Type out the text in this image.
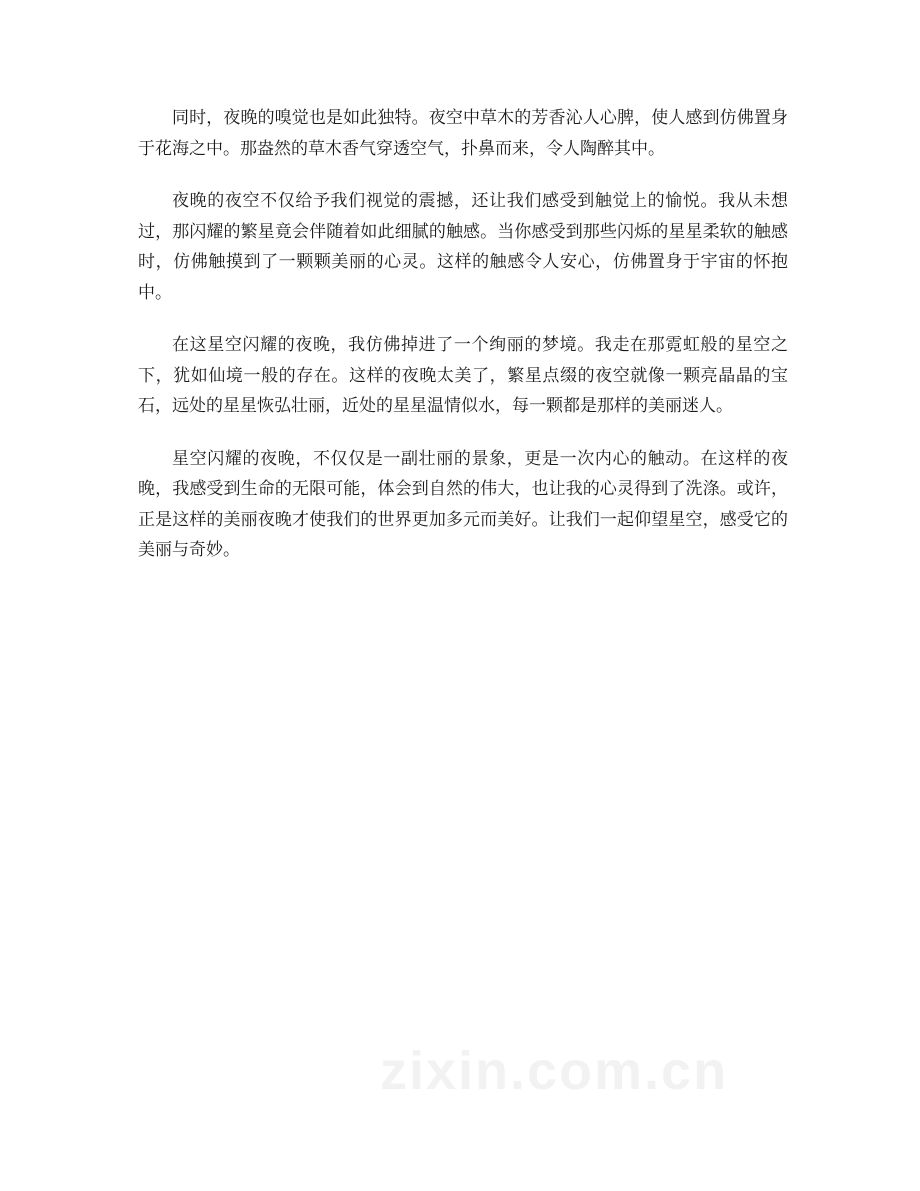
同时，夜晚的嗅觉也是如此独特。夜空中草木的芳香沁人心脾，使人感到仿佛置身于花海之中。那盎然的草木香气穿透空气，扑鼻而来，令人陶醉其中。

夜晚的夜空不仅给予我们视觉的震撼，还让我们感受到触觉上的愉悦。我从未想过，那闪耀的繁星竟会伴随着如此细腻的触感。当你感受到那些闪烁的星星柔软的触感时，仿佛触摸到了一颗颗美丽的心灵。这样的触感令人安心，仿佛置身于宇宙的怀抱中。

在这星空闪耀的夜晚，我仿佛掉进了一个绚丽的梦境。我走在那霓虹般的星空之下，犹如仙境一般的存在。这样的夜晚太美了，繁星点缀的夜空就像一颗亮晶晶的宝石，远处的星星恢弘壮丽，近处的星星温情似水，每一颗都是那样的美丽迷人。

星空闪耀的夜晚，不仅仅是一副壮丽的景象，更是一次内心的触动。在这样的夜晚，我感受到生命的无限可能，体会到自然的伟大，也让我的心灵得到了洗涤。或许，正是这样的美丽夜晚才使我们的世界更加多元而美好。让我们一起仰望星空，感受它的美丽与奇妙。

zixin.com.cn
